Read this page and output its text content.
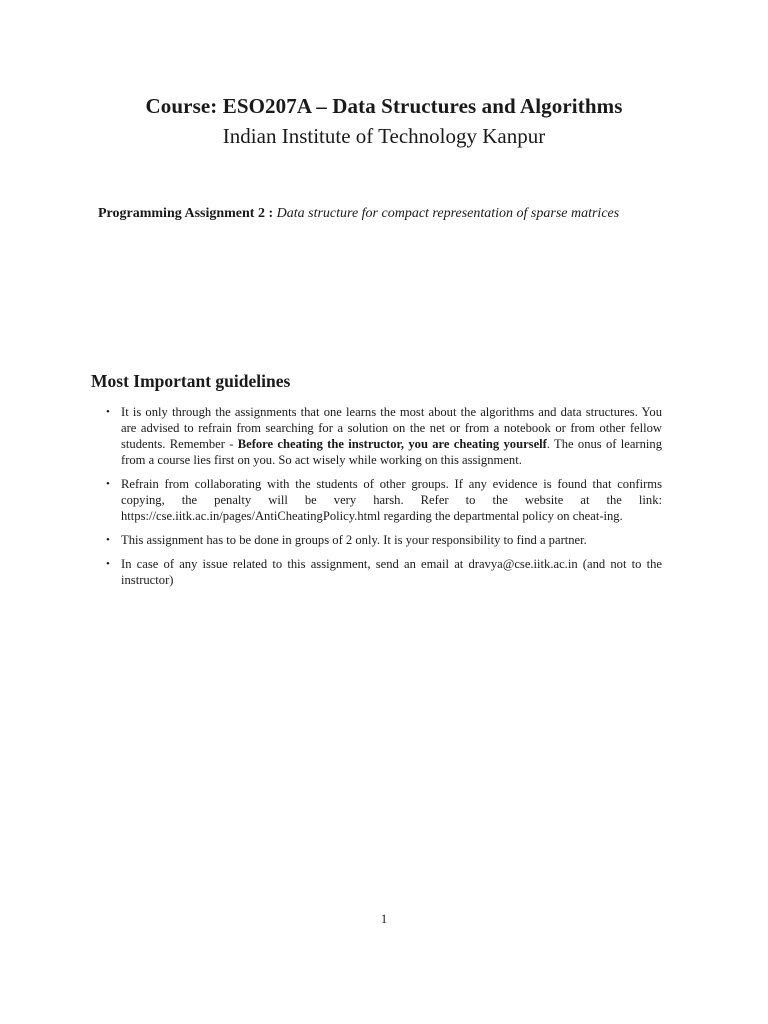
Course: ESO207A – Data Structures and Algorithms
Indian Institute of Technology Kanpur
Programming Assignment 2 : Data structure for compact representation of sparse matrices
Most Important guidelines
• It is only through the assignments that one learns the most about the algorithms and data structures. You are advised to refrain from searching for a solution on the net or from a notebook or from other fellow students. Remember - Before cheating the instructor, you are cheating yourself. The onus of learning from a course lies first on you. So act wisely while working on this assignment.
• Refrain from collaborating with the students of other groups. If any evidence is found that confirms copying, the penalty will be very harsh. Refer to the website at the link: https://cse.iitk.ac.in/pages/AntiCheatingPolicy.html regarding the departmental policy on cheat-ing.
• This assignment has to be done in groups of 2 only. It is your responsibility to find a partner.
• In case of any issue related to this assignment, send an email at dravya@cse.iitk.ac.in (and not to the instructor)
1
